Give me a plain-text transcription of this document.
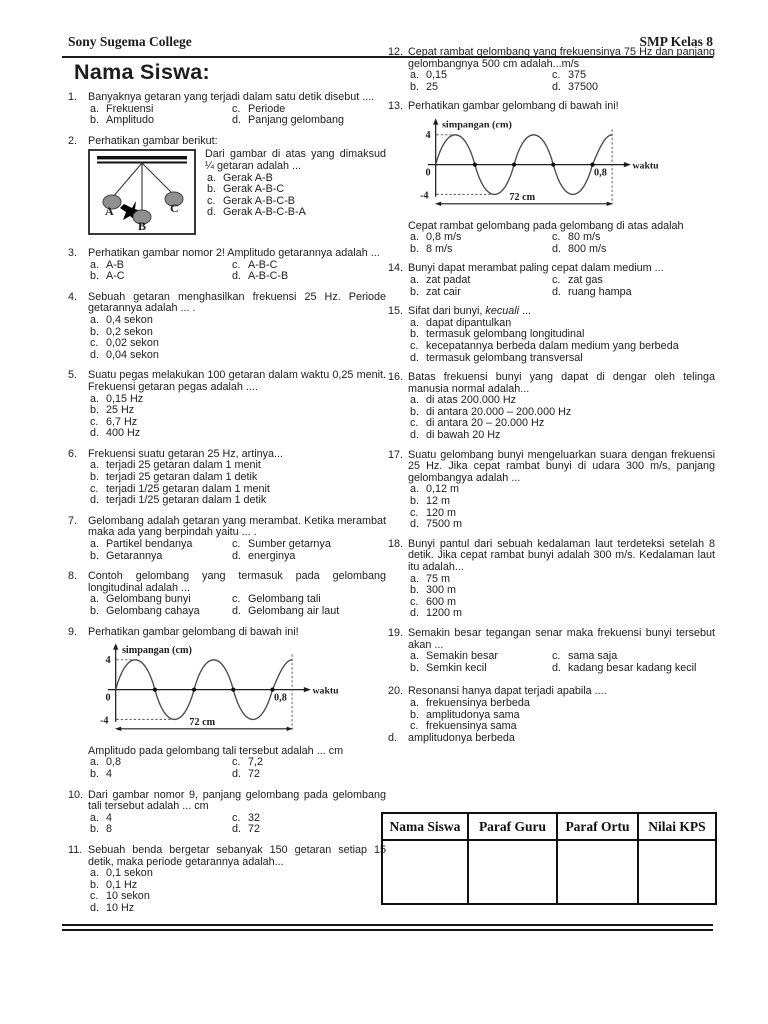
Sony Sugema College	SMP Kelas 8
Nama Siswa:
1.	Banyaknya getaran yang terjadi dalam satu detik disebut ....
a. Frekuensi	c. Periode
b. Amplitudo	d. Panjang gelombang
2.	Perhatikan gambar berikut:
A
B
C
Dari gambar di atas yang dimaksud ¼ getaran adalah ...
a. Gerak A-B
b. Gerak A-B-C
c. Gerak A-B-C-B
d. Gerak A-B-C-B-A
3.	Perhatikan gambar nomor 2! Amplitudo getarannya adalah ...
a. A-B	c. A-B-C
b. A-C	d. A-B-C-B
4.	Sebuah getaran menghasilkan frekuensi 25 Hz. Periode getarannya adalah ... .
a. 0,4 sekon
b. 0,2 sekon
c. 0,02 sekon
d. 0,04 sekon
5.	Suatu pegas melakukan 100 getaran dalam waktu 0,25 menit. Frekuensi getaran pegas adalah ....
a. 0,15 Hz
b. 25 Hz
c. 6,7 Hz
d. 400 Hz
6.	Frekuensi suatu getaran 25 Hz, artinya...
a. terjadi 25 getaran dalam 1 menit
b. terjadi 25 getaran dalam 1 detik
c. terjadi 1/25 getaran dalam 1 menit
d. terjadi 1/25 getaran dalam 1 detik
7.	Gelombang adalah getaran yang merambat. Ketika merambat maka ada yang berpindah yaitu ... .
a. Partikel bendanya	c. Sumber getarnya
b. Getarannya	d. energinya
8.	Contoh gelombang yang termasuk pada gelombang longitudinal adalah ...
a. Gelombang bunyi	c. Gelombang tali
b. Gelombang cahaya	d. Gelombang air laut
9.	Perhatikan gambar gelombang di bawah ini!
simpangan (cm)
4
-4
0	0,8
waktu
72 cm
Amplitudo pada gelombang tali tersebut adalah ... cm
a. 0,8	c. 7,2
b. 4	d. 72
10. Dari gambar nomor 9, panjang gelombang pada gelombang tali tersebut adalah ... cm
a. 4	c. 32
b. 8	d. 72
11. Sebuah benda bergetar sebanyak 150 getaran setiap 15 detik, maka periode getarannya adalah...
a. 0,1 sekon
b. 0,1 Hz
c. 10 sekon
d. 10 Hz
12. Cepat rambat gelombang yang frekuensinya 75 Hz dan panjang gelombangnya 500 cm adalah...m/s
a. 0,15	c. 375
b. 25	d. 37500
13. Perhatikan gambar gelombang di bawah ini!
simpangan (cm)
4
-4
0	0,8
waktu
72 cm
Cepat rambat gelombang pada gelombang di atas adalah
a. 0,8 m/s	c. 80 m/s
b. 8 m/s	d. 800 m/s
14. Bunyi dapat merambat paling cepat dalam medium ...
a. zat padat	c. zat gas
b. zat cair	d. ruang hampa
15. Sifat dari bunyi, kecuali ...
a. dapat dipantulkan
b. termasuk gelombang longitudinal
c. kecepatannya berbeda dalam medium yang berbeda
d. termasuk gelombang transversal
16. Batas frekuensi bunyi yang dapat di dengar oleh telinga manusia normal adalah...
a. di atas 200.000 Hz
b. di antara 20.000 – 200.000 Hz
c. di antara 20 – 20.000 Hz
d. di bawah 20 Hz
17. Suatu gelombang bunyi mengeluarkan suara dengan frekuensi 25 Hz. Jika cepat rambat bunyi di udara 300 m/s, panjang gelombangya adalah ...
a. 0,12 m
b. 12 m
c. 120 m
d. 7500 m
18. Bunyi pantul dari sebuah kedalaman laut terdeteksi setelah 8 detik. Jika cepat rambat bunyi adalah 300 m/s. Kedalaman laut itu adalah...
a. 75 m
b. 300 m
c. 600 m
d. 1200 m
19. Semakin besar tegangan senar maka frekuensi bunyi tersebut akan ...
a. Semakin besar	c. sama saja
b. Semkin kecil	d. kadang besar kadang kecil
20. Resonansi hanya dapat terjadi apabila ....
a. frekuensinya berbeda
b. amplitudonya sama
c. frekuensinya sama
d.	amplitudonya berbeda
Nama Siswa	Paraf Guru	Paraf Ortu	Nilai KPS
